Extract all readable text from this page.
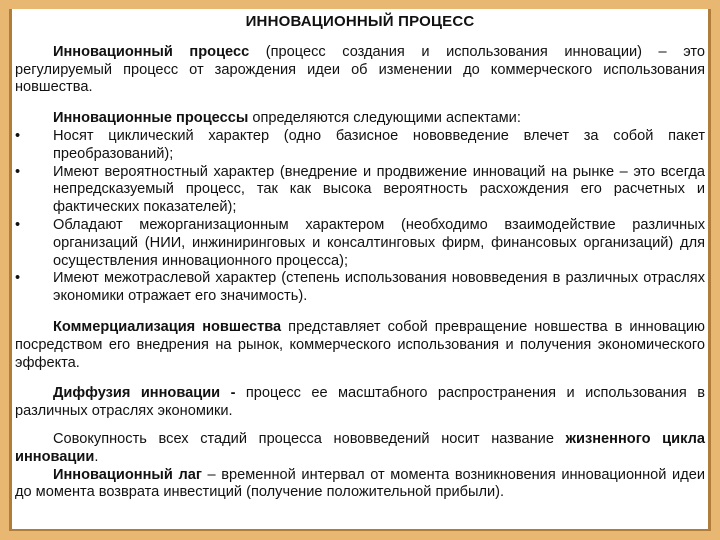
ИННОВАЦИОННЫЙ ПРОЦЕСС

Инновационный процесс (процесс создания и использования инновации) – это регулируемый процесс от зарождения идеи об изменении до коммерческого использования новшества.

Инновационные процессы определяются следующими аспектами:

•	Носят циклический характер (одно базисное нововведение влечет за собой пакет преобразований);
•	Имеют вероятностный характер (внедрение и продвижение инноваций на рынке – это всегда непредсказуемый процесс, так как высока вероятность расхождения его расчетных и фактических показателей);
•	Обладают межорганизационным характером (необходимо взаимодействие различных организаций (НИИ, инжиниринговых и консалтинговых фирм, финансовых организаций) для осуществления инновационного процесса);
•	Имеют межотраслевой характер (степень использования нововведения в различных отраслях экономики отражает его значимость).

Коммерциализация новшества представляет собой превращение новшества в инновацию посредством его внедрения на рынок, коммерческого использования и получения экономического эффекта.

Диффузия инновации - процесс ее масштабного распространения и использования в различных отраслях экономики.

Совокупность всех стадий процесса нововведений носит название жизненного цикла инновации.

Инновационный лаг – временной интервал от момента возникновения инновационной идеи до момента возврата инвестиций (получение положительной прибыли).
